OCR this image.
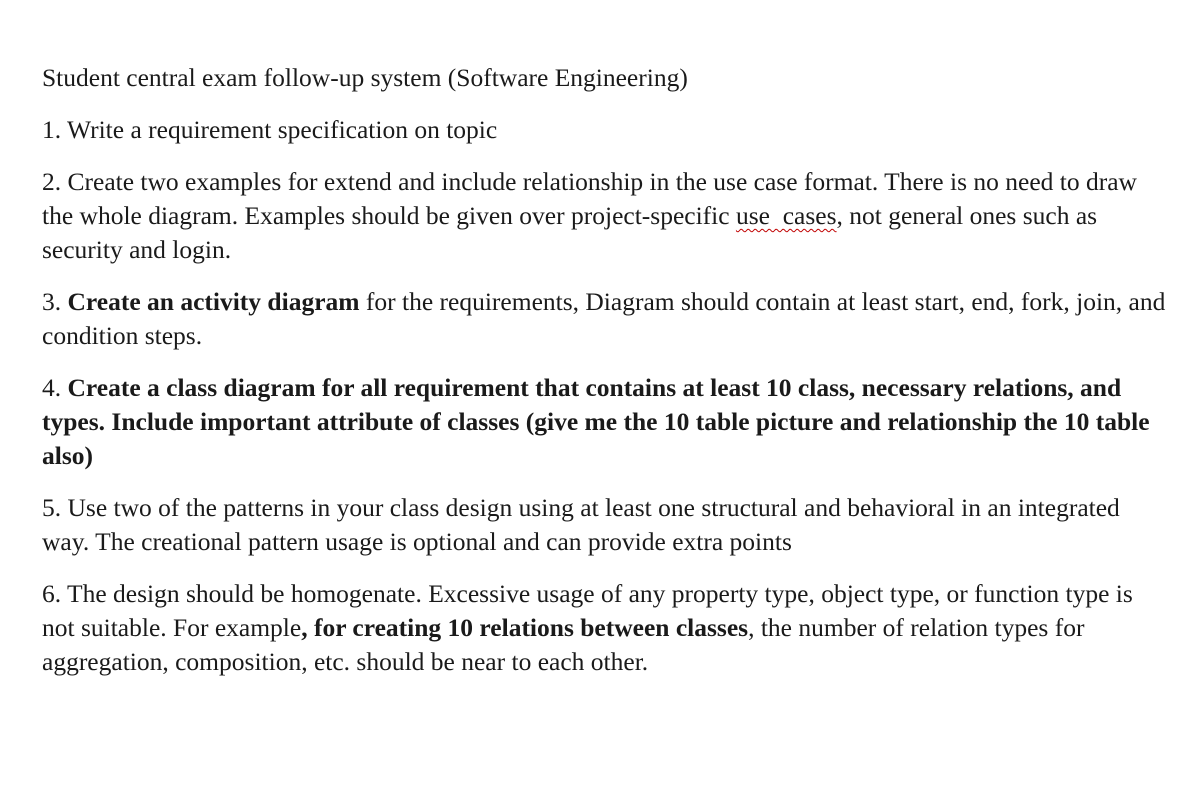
Student central exam follow-up system (Software Engineering)
1. Write a requirement specification on topic
2. Create two examples for extend and include relationship in the use case format. There is no need to draw the whole diagram. Examples should be given over project-specific use  cases, not general ones such as security and login.
3. Create an activity diagram for the requirements, Diagram should contain at least start, end, fork, join, and condition steps.
4. Create a class diagram for all requirement that contains at least 10 class, necessary relations, and types. Include important attribute of classes (give me the 10 table picture and relationship the 10 table also)
5. Use two of the patterns in your class design using at least one structural and behavioral in an integrated way. The creational pattern usage is optional and can provide extra points
6. The design should be homogenate. Excessive usage of any property type, object type, or function type is not suitable. For example, for creating 10 relations between classes, the number of relation types for aggregation, composition, etc. should be near to each other.
